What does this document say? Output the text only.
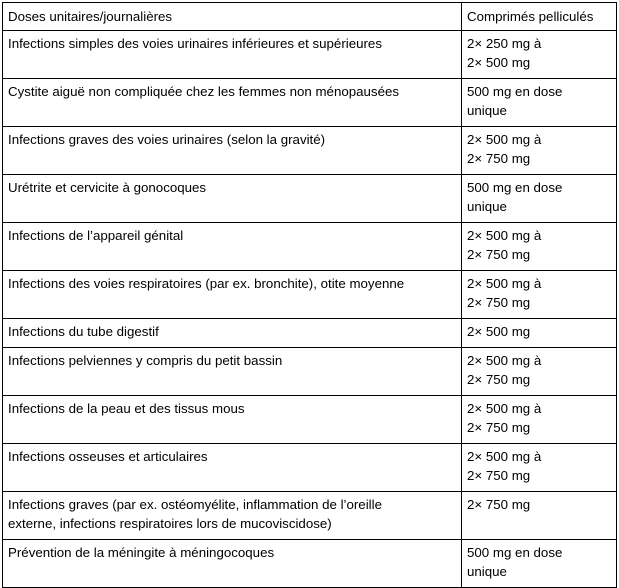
Doses unitaires/journalières	Comprimés pelliculés
Infections simples des voies urinaires inférieures et supérieures	2× 250 mg à
2× 500 mg
Cystite aiguë non compliquée chez les femmes non ménopausées	500 mg en dose
unique
Infections graves des voies urinaires (selon la gravité)	2× 500 mg à
2× 750 mg
Urétrite et cervicite à gonocoques	500 mg en dose
unique
Infections de l’appareil génital	2× 500 mg à
2× 750 mg
Infections des voies respiratoires (par ex. bronchite), otite moyenne	2× 500 mg à
2× 750 mg
Infections du tube digestif	2× 500 mg
Infections pelviennes y compris du petit bassin	2× 500 mg à
2× 750 mg
Infections de la peau et des tissus mous	2× 500 mg à
2× 750 mg
Infections osseuses et articulaires	2× 500 mg à
2× 750 mg
Infections graves (par ex. ostéomyélite, inflammation de l’oreille
externe, infections respiratoires lors de mucoviscidose)	2× 750 mg
Prévention de la méningite à méningocoques	500 mg en dose
unique
